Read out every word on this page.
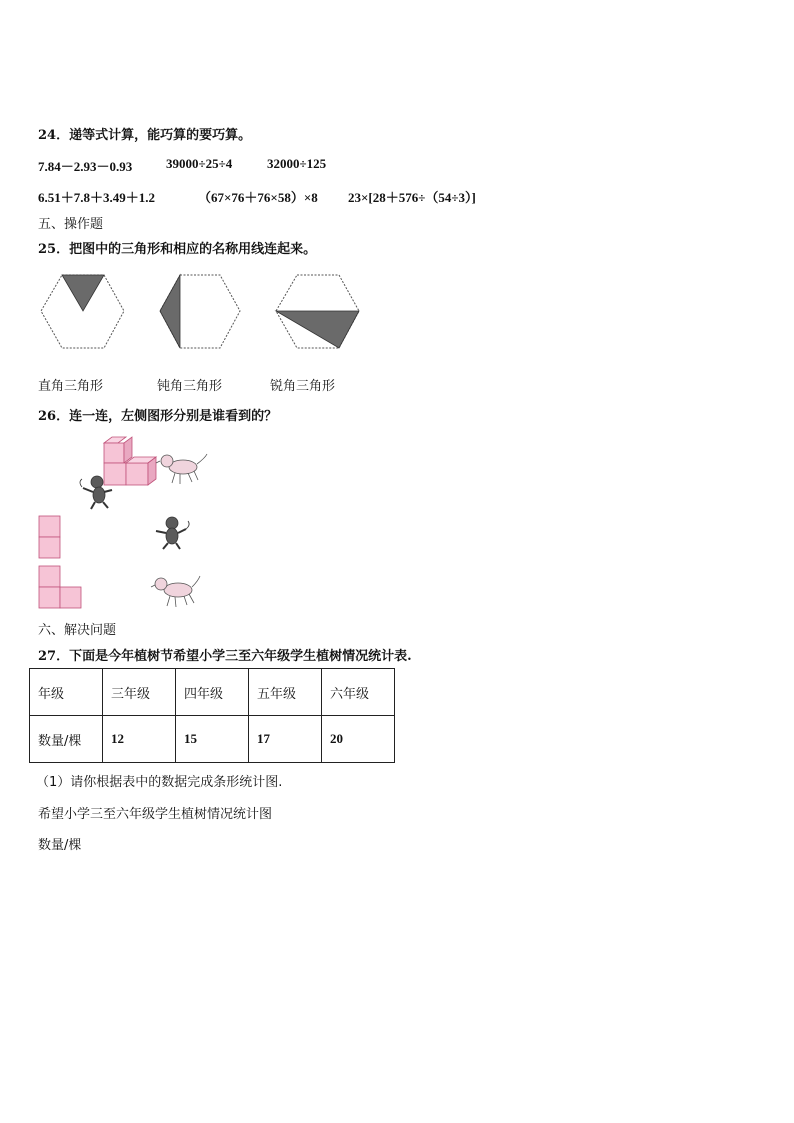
24．递等式计算，能巧算的要巧算。
7.84－2.93－0.93	39000÷25÷4	32000÷125
6.51＋7.8＋3.49＋1.2	（67×76＋76×58）×8 23×[28＋576÷（54÷3）]
五、操作题
25．把图中的三角形和相应的名称用线连起来。
直角三角形	钝角三角形	锐角三角形
26．连一连，左侧图形分别是谁看到的？
六、解决问题
27．下面是今年植树节希望小学三至六年级学生植树情况统计表.
年级	三年级	四年级	五年级	六年级
数量/棵	12	15	17	20
（1）请你根据表中的数据完成条形统计图.
希望小学三至六年级学生植树情况统计图
数量/棵
